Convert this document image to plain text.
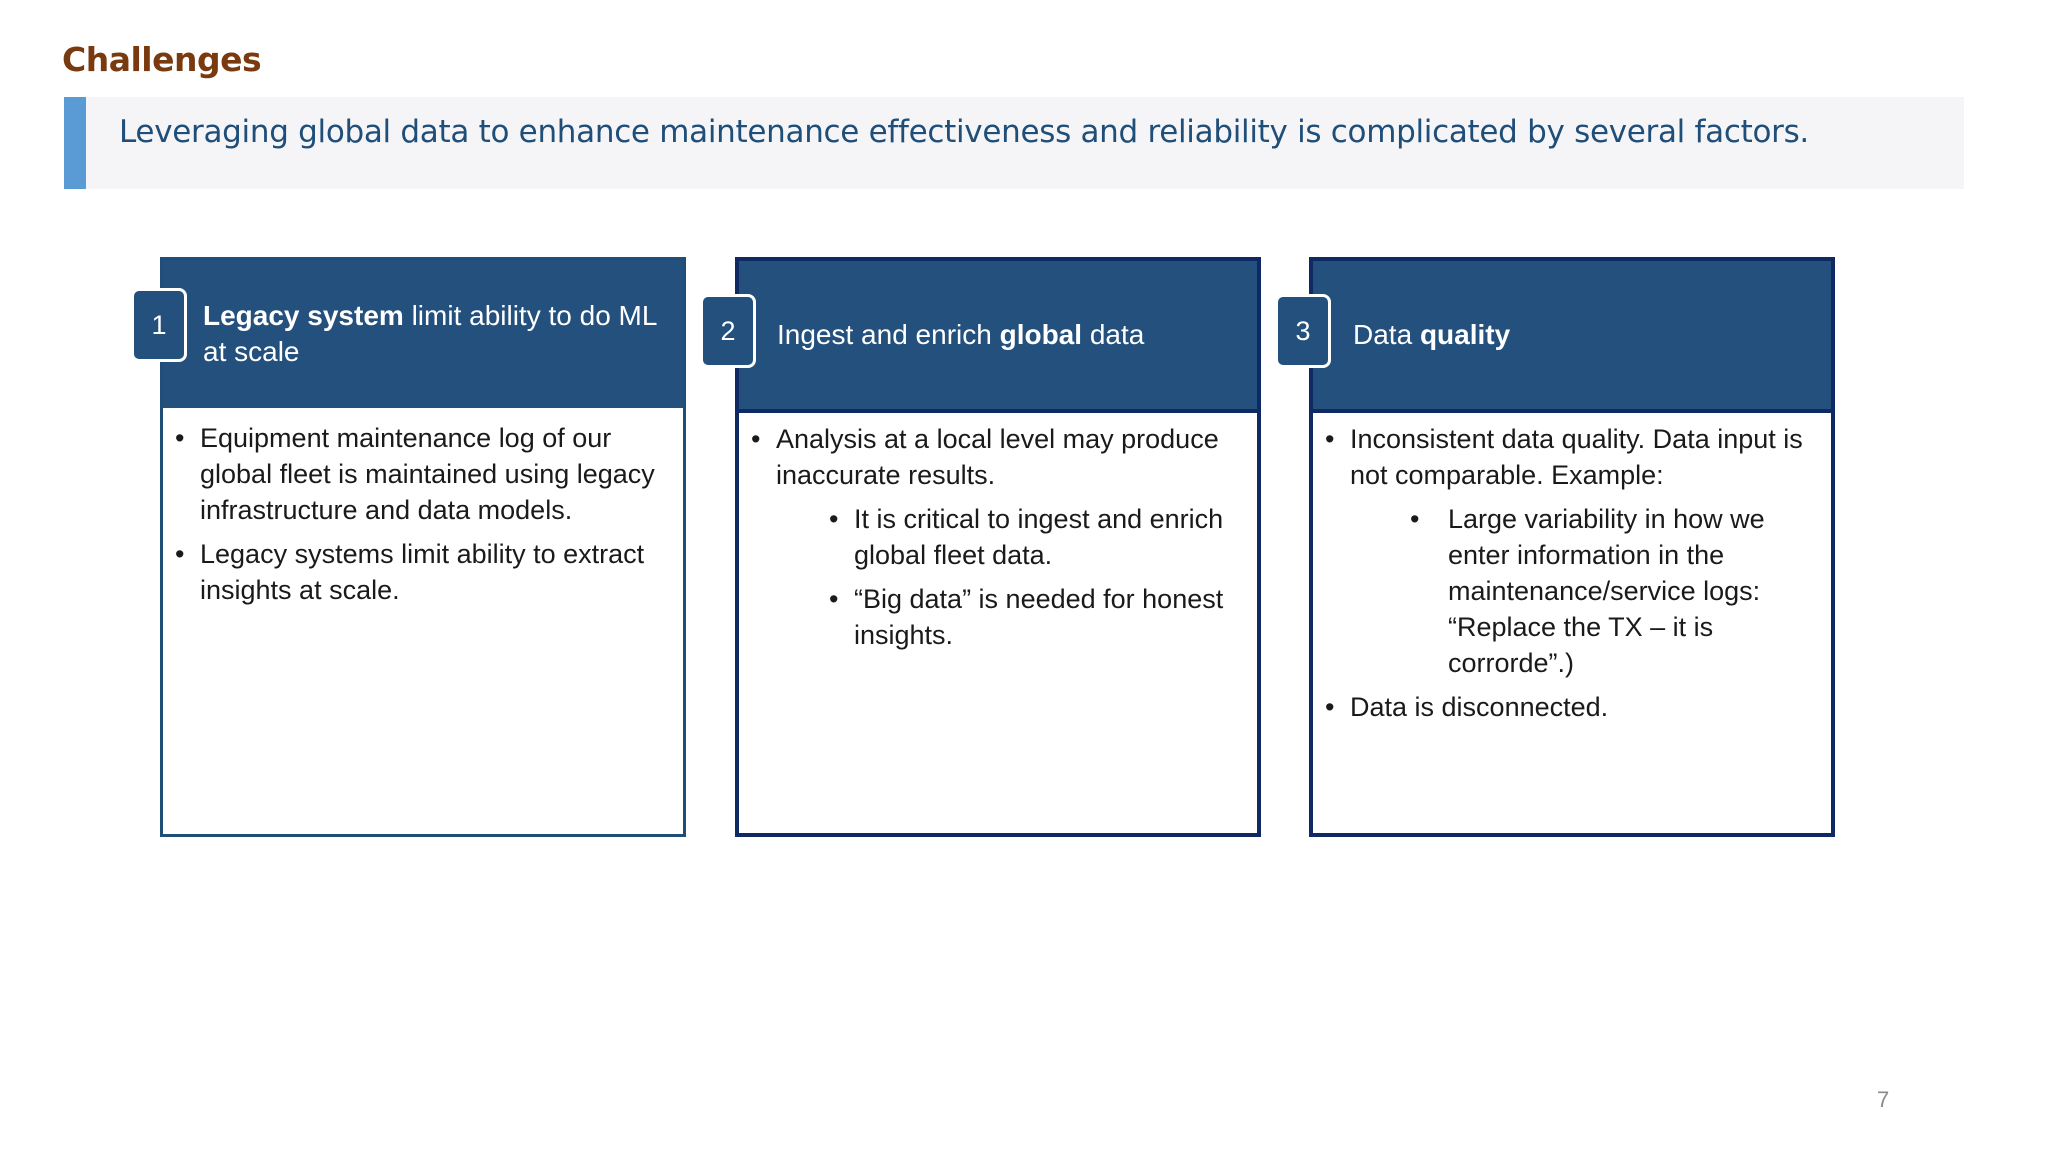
Challenges
Leveraging global data to enhance maintenance effectiveness and reliability is complicated by several factors.
Legacy system limit ability to do ML at scale
• Equipment maintenance log of our global fleet is maintained using legacy infrastructure and data models.
• Legacy systems limit ability to extract insights at scale.
1	Ingest and enrich global data
• Analysis at a local level may produce inaccurate results.
• It is critical to ingest and enrich global fleet data.
• “Big data” is needed for honest insights.
2	Data quality
• Inconsistent data quality. Data input is not comparable. Example:
• Large variability in how we enter information in the maintenance/service logs: “Replace the TX – it is corrorde”.)
• Data is disconnected.
3
7
